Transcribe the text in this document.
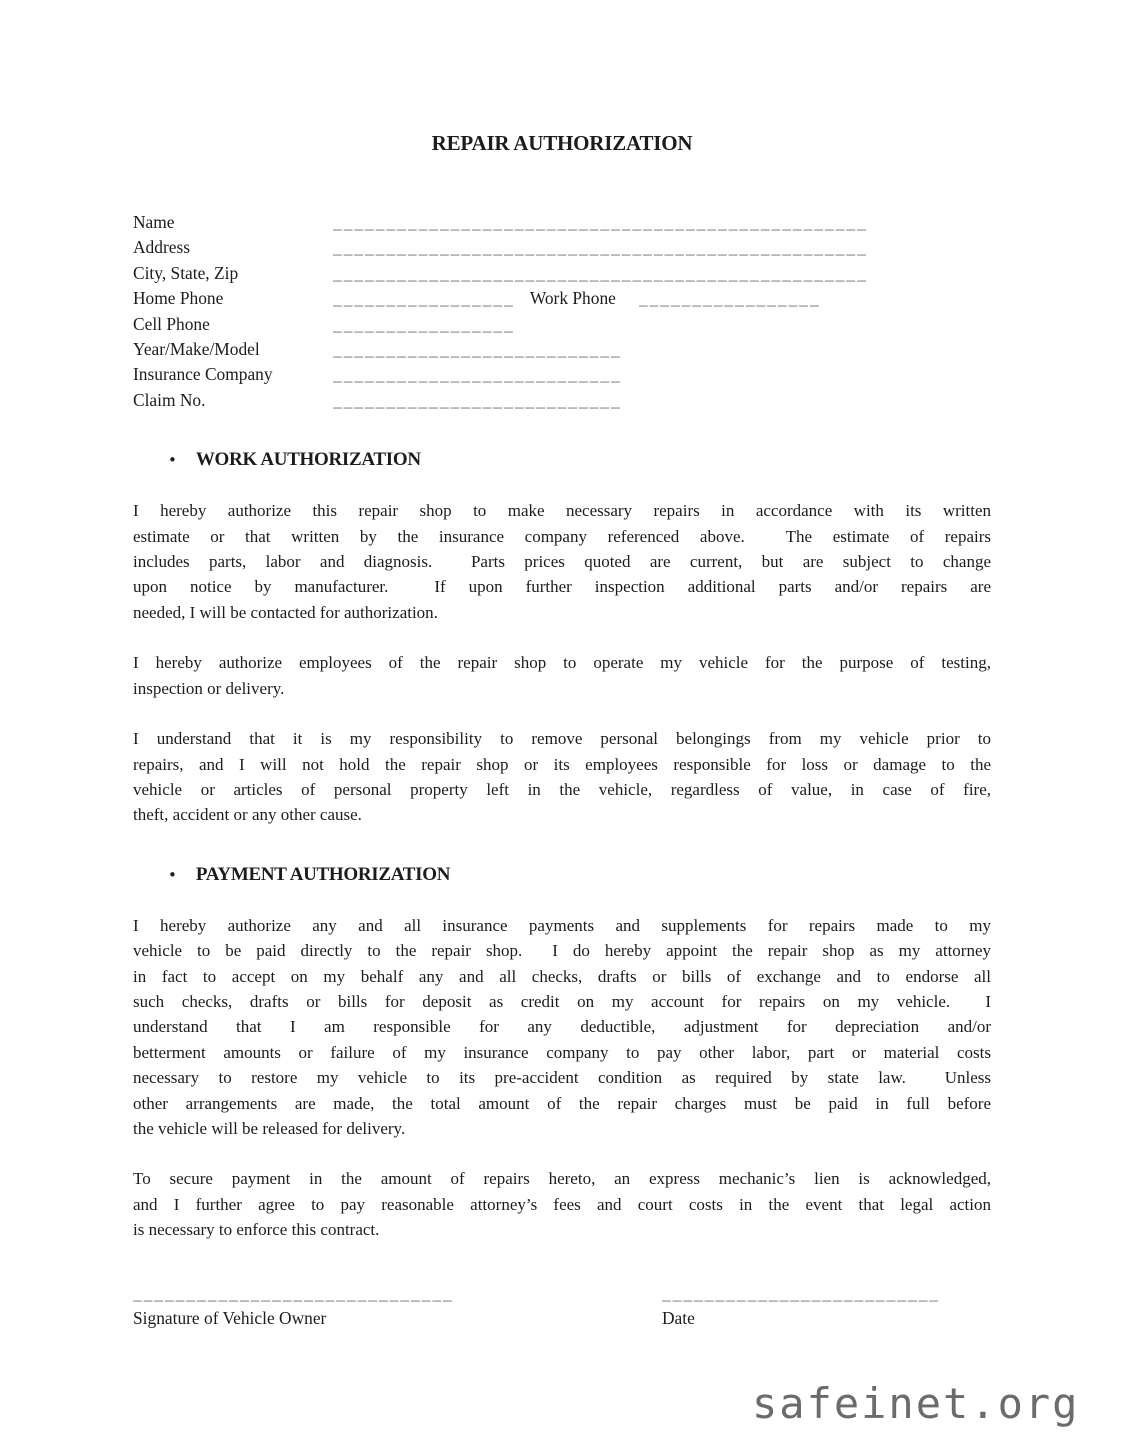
REPAIR AUTHORIZATION
Name	__________________________________________________
Address	__________________________________________________
City, State, Zip	__________________________________________________
Home Phone	_________________ Work Phone _________________
Cell Phone	_________________
Year/Make/Model	___________________________
Insurance Company	___________________________
Claim No.	___________________________
• WORK AUTHORIZATION
I hereby authorize this repair shop to make necessary repairs in accordance with its written
estimate or that written by the insurance company referenced above.  The estimate of repairs
includes parts, labor and diagnosis.  Parts prices quoted are current, but are subject to change
upon notice by manufacturer.  If upon further inspection additional parts and/or repairs are
needed, I will be contacted for authorization.
I hereby authorize employees of the repair shop to operate my vehicle for the purpose of testing,
inspection or delivery.
I understand that it is my responsibility to remove personal belongings from my vehicle prior to
repairs, and I will not hold the repair shop or its employees responsible for loss or damage to the
vehicle or articles of personal property left in the vehicle, regardless of value, in case of fire,
theft, accident or any other cause.
• PAYMENT AUTHORIZATION
I hereby authorize any and all insurance payments and supplements for repairs made to my
vehicle to be paid directly to the repair shop.  I do hereby appoint the repair shop as my attorney
in fact to accept on my behalf any and all checks, drafts or bills of exchange and to endorse all
such checks, drafts or bills for deposit as credit on my account for repairs on my vehicle.  I
understand that I am responsible for any deductible, adjustment for depreciation and/or
betterment amounts or failure of my insurance company to pay other labor, part or material costs
necessary to restore my vehicle to its pre-accident condition as required by state law.  Unless
other arrangements are made, the total amount of the repair charges must be paid in full before
the vehicle will be released for delivery.
To secure payment in the amount of repairs hereto, an express mechanic’s lien is acknowledged,
and I further agree to pay reasonable attorney’s fees and court costs in the event that legal action
is necessary to enforce this contract.
______________________________
Signature of Vehicle Owner
__________________________
Date
safeinet.org
